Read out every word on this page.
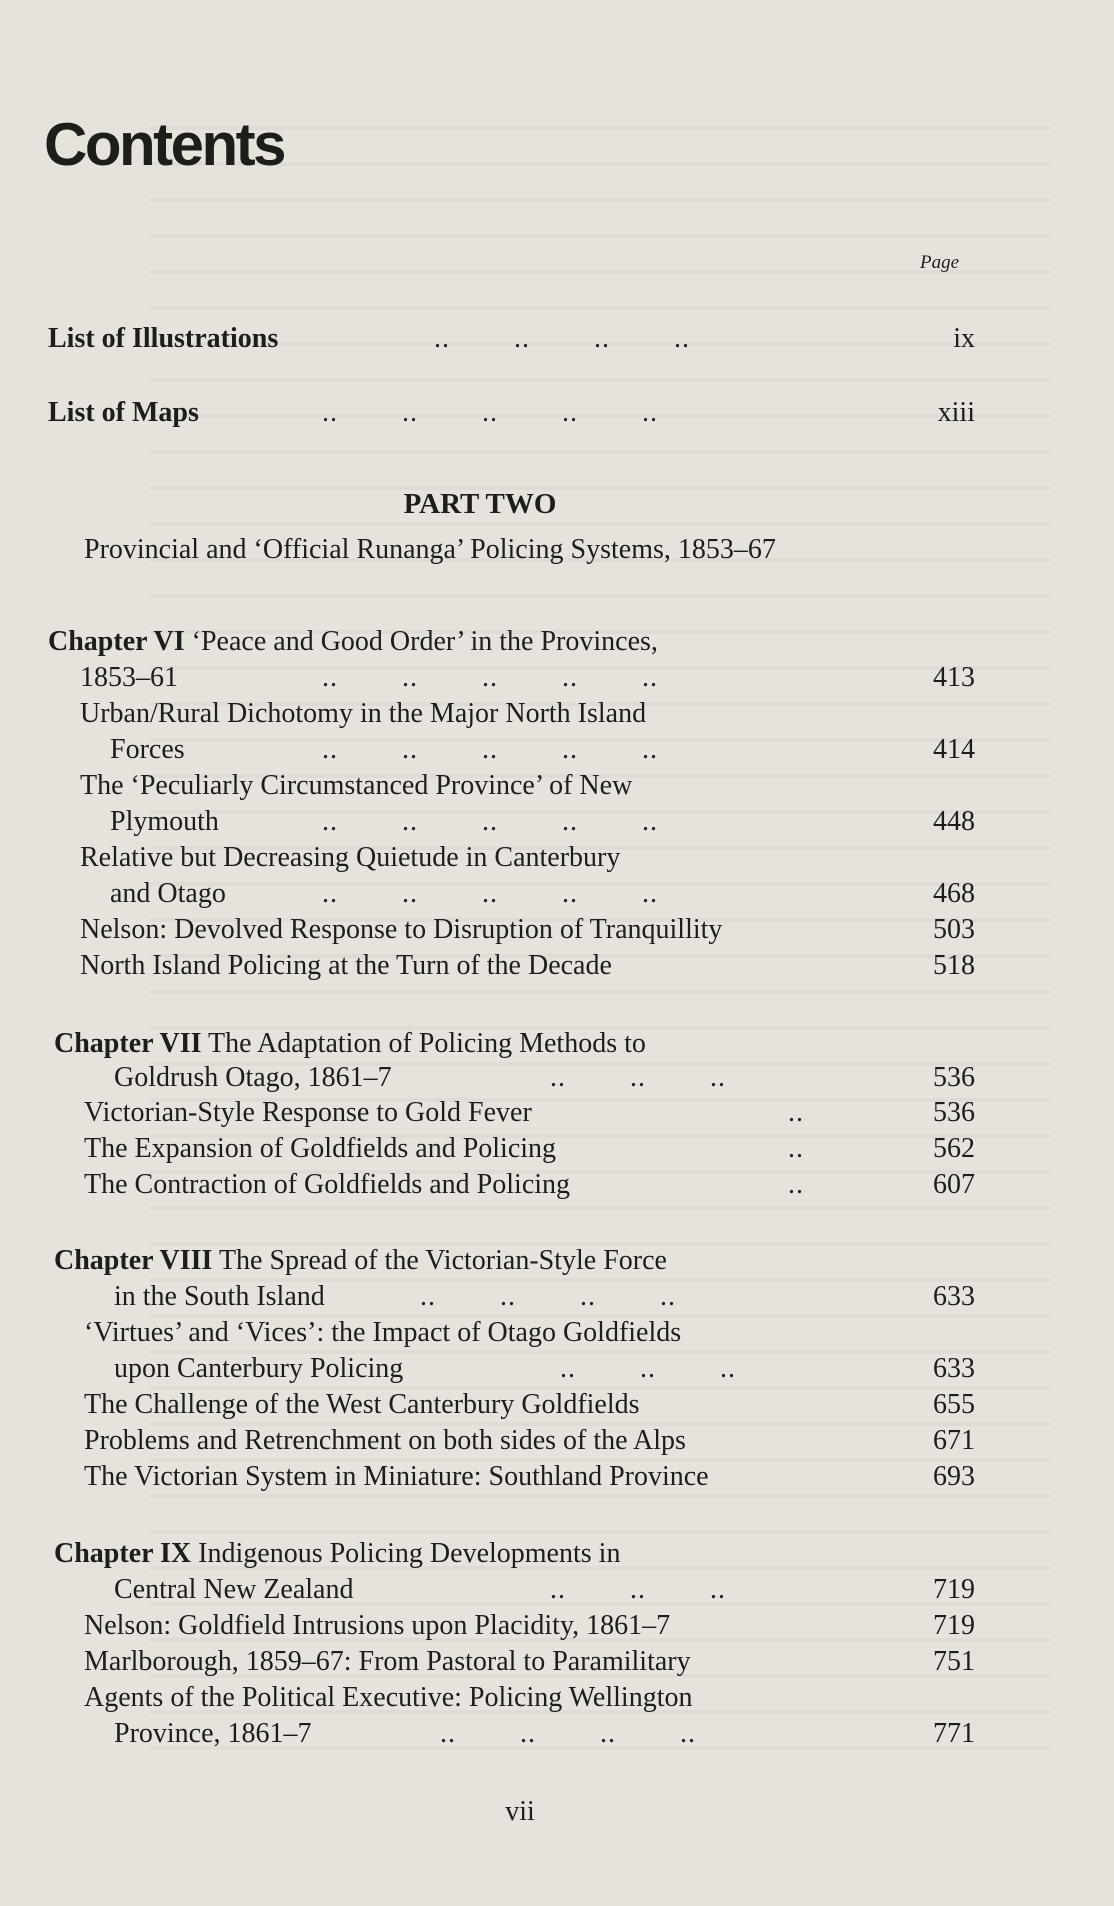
Contents
Page
List of Illustrations	..        ..        ..        ..	ix
List of Maps	..        ..        ..        ..        ..	xiii
PART TWO
Provincial and ‘Official Runanga’ Policing Systems, 1853–67
Chapter VI ‘Peace and Good Order’ in the Provinces,
1853–61	..        ..        ..        ..        ..	413
Urban/Rural Dichotomy in the Major North Island
Forces	..        ..        ..        ..        ..	414
The ‘Peculiarly Circumstanced Province’ of New
Plymouth	..        ..        ..        ..        ..	448
Relative but Decreasing Quietude in Canterbury
and Otago	..        ..        ..        ..        ..	468
Nelson: Devolved Response to Disruption of Tranquillity	503
North Island Policing at the Turn of the Decade	518
Chapter VII The Adaptation of Policing Methods to
Goldrush Otago, 1861–7	..        ..        ..	536
Victorian-Style Response to Gold Fever	..	536
The Expansion of Goldfields and Policing	..	562
The Contraction of Goldfields and Policing	..	607
Chapter VIII The Spread of the Victorian-Style Force
in the South Island	..        ..        ..        ..	633
‘Virtues’ and ‘Vices’: the Impact of Otago Goldfields
upon Canterbury Policing	..        ..        ..	633
The Challenge of the West Canterbury Goldfields	655
Problems and Retrenchment on both sides of the Alps	671
The Victorian System in Miniature: Southland Province	693
Chapter IX Indigenous Policing Developments in
Central New Zealand	..        ..        ..	719
Nelson: Goldfield Intrusions upon Placidity, 1861–7	719
Marlborough, 1859–67: From Pastoral to Paramilitary	751
Agents of the Political Executive: Policing Wellington
Province, 1861–7	..        ..        ..        ..	771
vii
